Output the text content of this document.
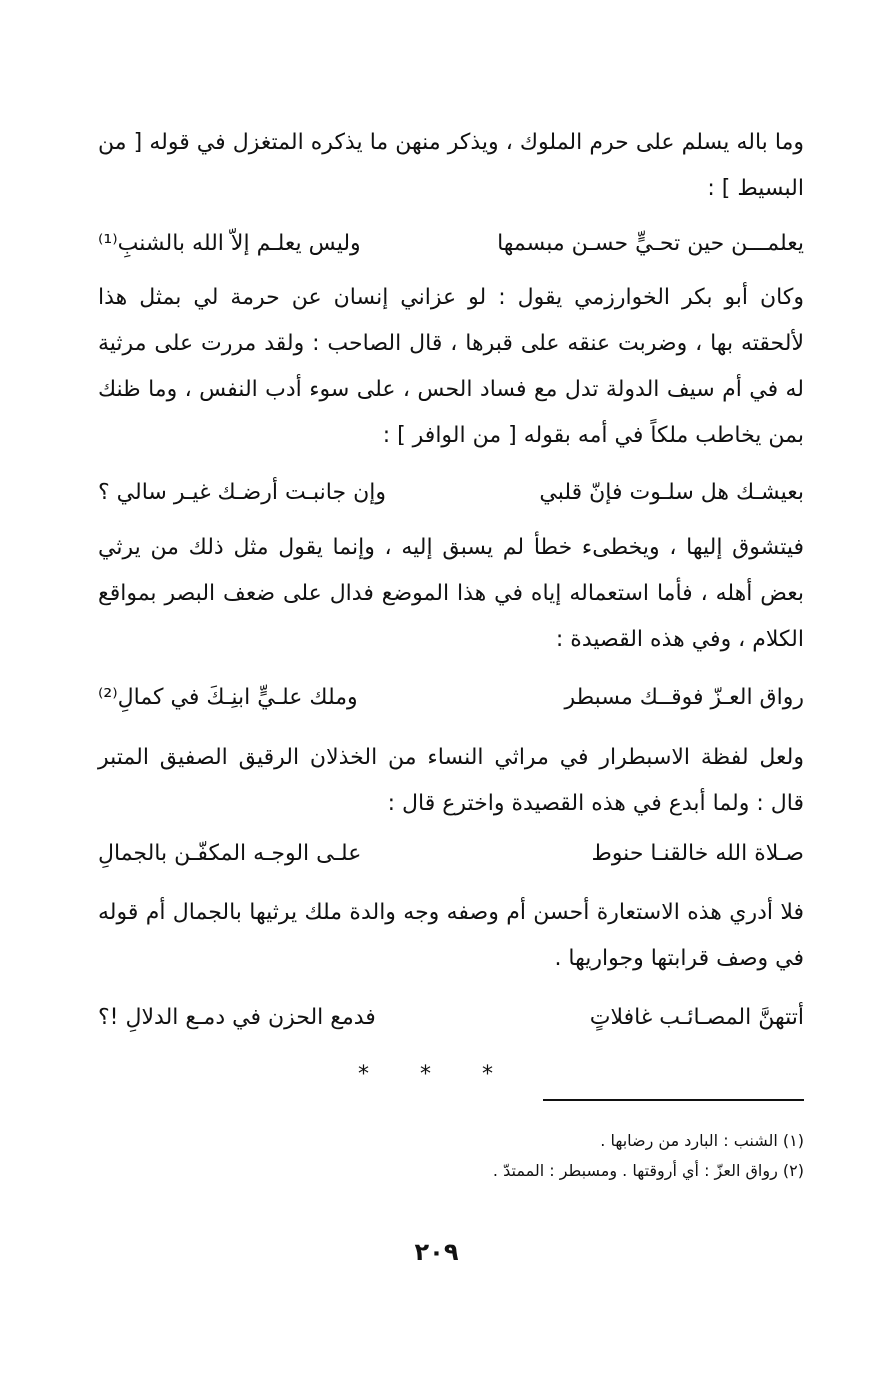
وما باله يسلم على حرم الملوك ، ويذكر منهن ما يذكره المتغزل في قوله [ من البسيط ] :

يعلمـــن حين تحـيٍّ حسـن مبسمها
وليس يعلـم إلاّ الله بالشنبِ⁽¹⁾

وكان أبو بكر الخوارزمي يقول : لو عزاني إنسان عن حرمة لي بمثل هذا لألحقته بها ، وضربت عنقه على قبرها ، قال الصاحب : ولقد مررت على مرثية له في أم سيف الدولة تدل مع فساد الحس ، على سوء أدب النفس ، وما ظنك بمن يخاطب ملكاً في أمه بقوله [ من الوافر ] :

بعيشـك هل سلـوت فإنّ قلبي
وإن جانبـت أرضـك غيـر سالي ؟

فيتشوق إليها ، ويخطىء خطأ لم يسبق إليه ، وإنما يقول مثل ذلك من يرثي بعض أهله ، فأما استعماله إياه في هذا الموضع فدال على ضعف البصر بمواقع الكلام ، وفي هذه القصيدة :

رواق العـزّ فوقــك مسبطر
وملك علـيٍّ ابنِـكَ في كمالِ⁽²⁾

ولعل لفظة الاسبطرار في مراثي النساء من الخذلان الرقيق الصفيق المتبر قال : ولما أبدع في هذه القصيدة واخترع قال :

صـلاة الله خالقنـا حنوط
علـى الوجـه المكفّـن بالجمالِ

فلا أدري هذه الاستعارة أحسن أم وصفه وجه والدة ملك يرثيها بالجمال أم قوله في وصف قرابتها وجواريها .

أتتهنَّ المصـائـب غافلاتٍ
فدمع الحزن في دمـع الدلالِ !؟
* * *
(١) الشنب : البارد من رضابها .
(٢) رواق العزّ : أي أروقتها . ومسبطر : الممتدّ .
٢٠٩
